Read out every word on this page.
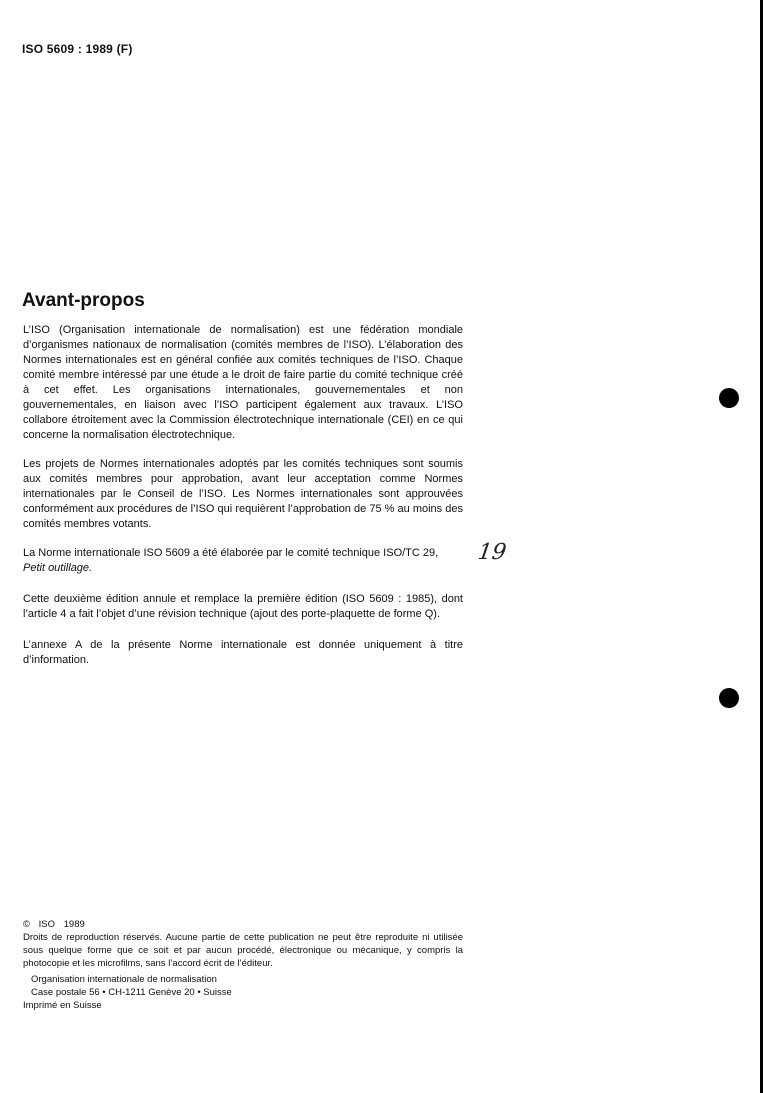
ISO 5609 : 1989 (F)
Avant-propos

L’ISO (Organisation internationale de normalisation) est une fédération mondiale d’organismes nationaux de normalisation (comités membres de l’ISO). L’élaboration des Normes internationales est en général confiée aux comités techniques de l’ISO. Chaque comité membre intéressé par une étude a le droit de faire partie du comité technique créé à cet effet. Les organisations internationales, gouvernementales et non gouvernementales, en liaison avec l’ISO participent également aux travaux. L’ISO collabore étroitement avec la Commission électrotechnique internationale (CEI) en ce qui concerne la normalisation électrotechnique.

Les projets de Normes internationales adoptés par les comités techniques sont soumis aux comités membres pour approbation, avant leur acceptation comme Normes internationales par le Conseil de l’ISO. Les Normes internationales sont approuvées conformément aux procédures de l’ISO qui requièrent l’approbation de 75 % au moins des comités membres votants.

La Norme internationale ISO 5609 a été élaborée par le comité technique ISO/TC 29,
Petit outillage.

Cette deuxième édition annule et remplace la première édition (ISO 5609 : 1985), dont l’article 4 a fait l’objet d’une révision technique (ajout des porte-plaquette de forme Q).

L’annexe A de la présente Norme internationale est donnée uniquement à titre d’information.

19

© ISO 1989

Droits de reproduction réservés. Aucune partie de cette publication ne peut être reproduite ni utilisée sous quelque forme que ce soit et par aucun procédé, électronique ou mécanique, y compris la photocopie et les microfilms, sans l’accord écrit de l’éditeur.

Organisation internationale de normalisation

Case postale 56 • CH-1211 Genève 20 • Suisse

Imprimé en Suisse
